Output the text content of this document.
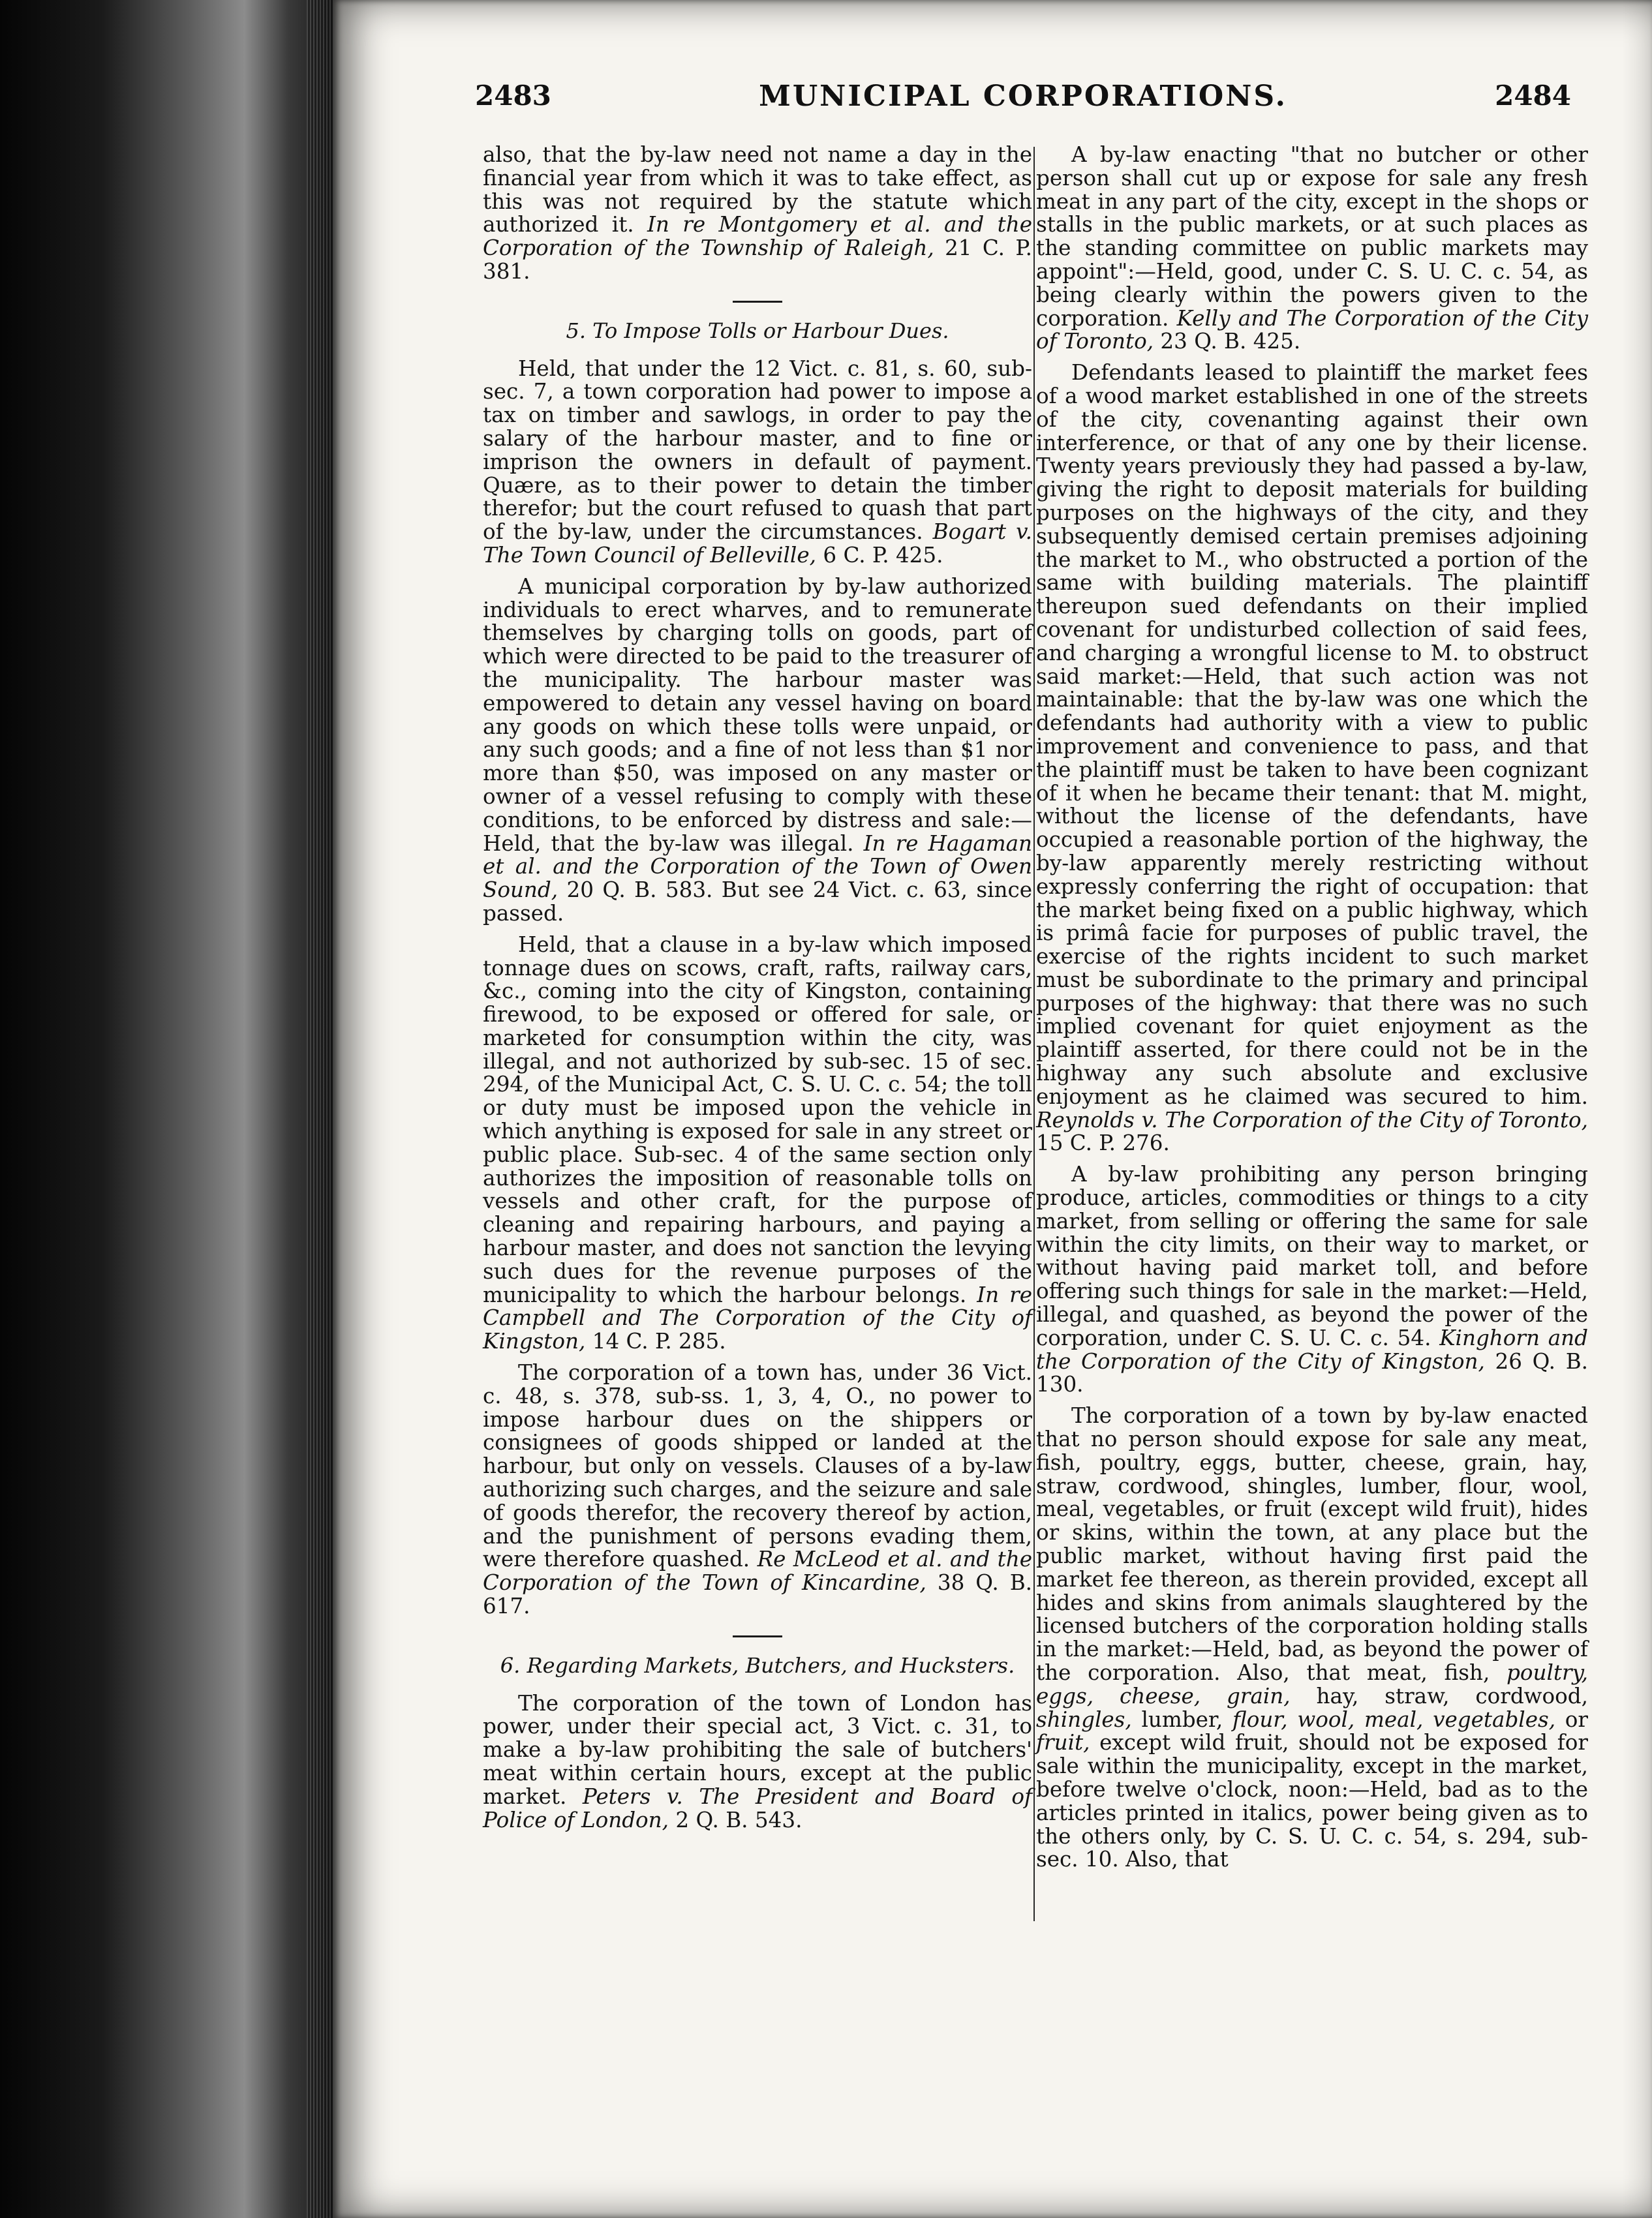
2483	MUNICIPAL CORPORATIONS.	2484

also, that the by-law need not name a day in the financial year from which it was to take effect, as this was not required by the statute which authorized it. In re Montgomery et al. and the Corporation of the Township of Raleigh, 21 C. P. 381.

5. To Impose Tolls or Harbour Dues.

Held, that under the 12 Vict. c. 81, s. 60, sub-sec. 7, a town corporation had power to impose a tax on timber and sawlogs, in order to pay the salary of the harbour master, and to fine or imprison the owners in default of payment. Quære, as to their power to detain the timber therefor; but the court refused to quash that part of the by-law, under the circumstances. Bogart v. The Town Council of Belleville, 6 C. P. 425.

A municipal corporation by by-law authorized individuals to erect wharves, and to remunerate themselves by charging tolls on goods, part of which were directed to be paid to the treasurer of the municipality. The harbour master was empowered to detain any vessel having on board any goods on which these tolls were unpaid, or any such goods; and a fine of not less than $1 nor more than $50, was imposed on any master or owner of a vessel refusing to comply with these conditions, to be enforced by distress and sale:—Held, that the by-law was illegal. In re Hagaman et al. and the Corporation of the Town of Owen Sound, 20 Q. B. 583. But see 24 Vict. c. 63, since passed.

Held, that a clause in a by-law which imposed tonnage dues on scows, craft, rafts, railway cars, &c., coming into the city of Kingston, containing firewood, to be exposed or offered for sale, or marketed for consumption within the city, was illegal, and not authorized by sub-sec. 15 of sec. 294, of the Municipal Act, C. S. U. C. c. 54; the toll or duty must be imposed upon the vehicle in which anything is exposed for sale in any street or public place. Sub-sec. 4 of the same section only authorizes the imposition of reasonable tolls on vessels and other craft, for the purpose of cleaning and repairing harbours, and paying a harbour master, and does not sanction the levying such dues for the revenue purposes of the municipality to which the harbour belongs. In re Campbell and The Corporation of the City of Kingston, 14 C. P. 285.

The corporation of a town has, under 36 Vict. c. 48, s. 378, sub-ss. 1, 3, 4, O., no power to impose harbour dues on the shippers or consignees of goods shipped or landed at the harbour, but only on vessels. Clauses of a by-law authorizing such charges, and the seizure and sale of goods therefor, the recovery thereof by action, and the punishment of persons evading them, were therefore quashed. Re McLeod et al. and the Corporation of the Town of Kincardine, 38 Q. B. 617.

6. Regarding Markets, Butchers, and Hucksters.

The corporation of the town of London has power, under their special act, 3 Vict. c. 31, to make a by-law prohibiting the sale of butchers' meat within certain hours, except at the public market. Peters v. The President and Board of Police of London, 2 Q. B. 543.

A by-law enacting "that no butcher or other person shall cut up or expose for sale any fresh meat in any part of the city, except in the shops or stalls in the public markets, or at such places as the standing committee on public markets may appoint":—Held, good, under C. S. U. C. c. 54, as being clearly within the powers given to the corporation. Kelly and The Corporation of the City of Toronto, 23 Q. B. 425.

Defendants leased to plaintiff the market fees of a wood market established in one of the streets of the city, covenanting against their own interference, or that of any one by their license. Twenty years previously they had passed a by-law, giving the right to deposit materials for building purposes on the highways of the city, and they subsequently demised certain premises adjoining the market to M., who obstructed a portion of the same with building materials. The plaintiff thereupon sued defendants on their implied covenant for undisturbed collection of said fees, and charging a wrongful license to M. to obstruct said market:—Held, that such action was not maintainable: that the by-law was one which the defendants had authority with a view to public improvement and convenience to pass, and that the plaintiff must be taken to have been cognizant of it when he became their tenant: that M. might, without the license of the defendants, have occupied a reasonable portion of the highway, the by-law apparently merely restricting without expressly conferring the right of occupation: that the market being fixed on a public highway, which is primâ facie for purposes of public travel, the exercise of the rights incident to such market must be subordinate to the primary and principal purposes of the highway: that there was no such implied covenant for quiet enjoyment as the plaintiff asserted, for there could not be in the highway any such absolute and exclusive enjoyment as he claimed was secured to him. Reynolds v. The Corporation of the City of Toronto, 15 C. P. 276.

A by-law prohibiting any person bringing produce, articles, commodities or things to a city market, from selling or offering the same for sale within the city limits, on their way to market, or without having paid market toll, and before offering such things for sale in the market:—Held, illegal, and quashed, as beyond the power of the corporation, under C. S. U. C. c. 54. Kinghorn and the Corporation of the City of Kingston, 26 Q. B. 130.

The corporation of a town by by-law enacted that no person should expose for sale any meat, fish, poultry, eggs, butter, cheese, grain, hay, straw, cordwood, shingles, lumber, flour, wool, meal, vegetables, or fruit (except wild fruit), hides or skins, within the town, at any place but the public market, without having first paid the market fee thereon, as therein provided, except all hides and skins from animals slaughtered by the licensed butchers of the corporation holding stalls in the market:—Held, bad, as beyond the power of the corporation. Also, that meat, fish, poultry, eggs, cheese, grain, hay, straw, cordwood, shingles, lumber, flour, wool, meal, vegetables, or fruit, except wild fruit, should not be exposed for sale within the municipality, except in the market, before twelve o'clock, noon:—Held, bad as to the articles printed in italics, power being given as to the others only, by C. S. U. C. c. 54, s. 294, sub-sec. 10. Also, that
